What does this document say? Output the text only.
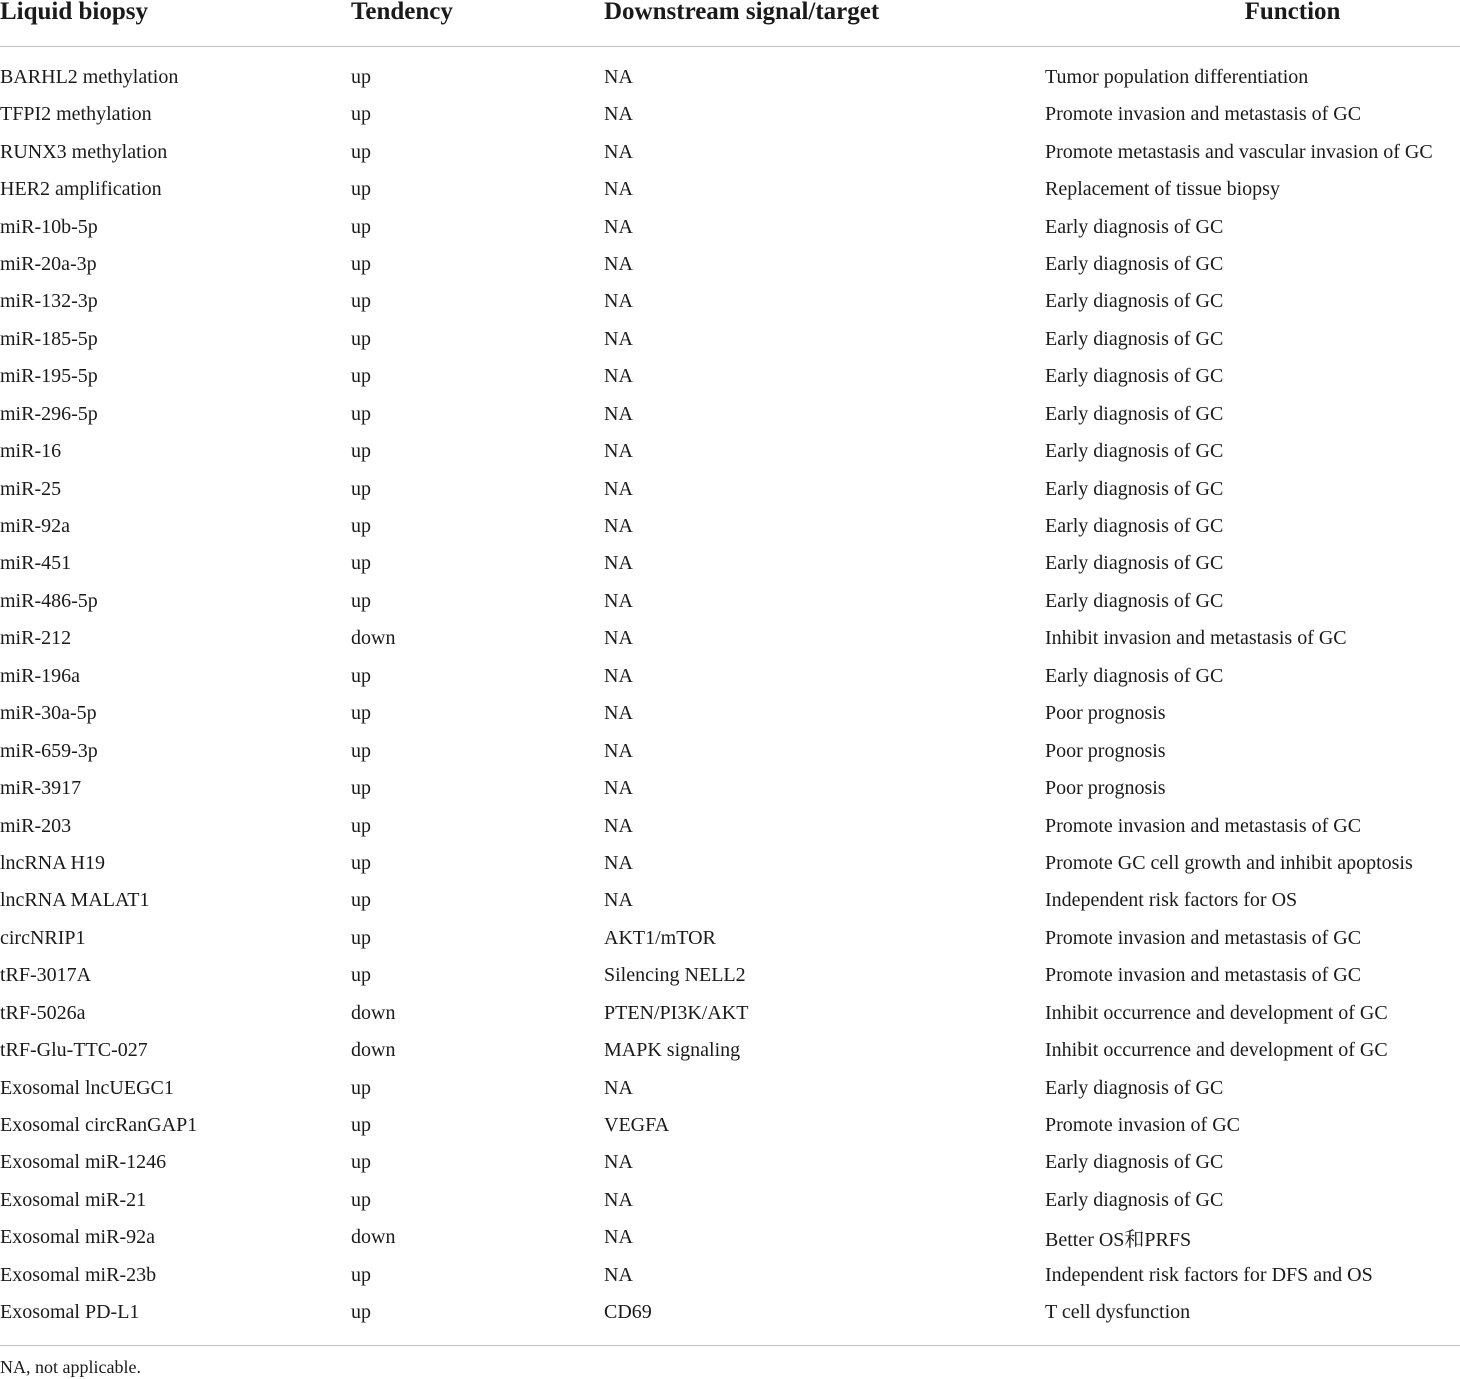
Liquid biopsy	Tendency	Downstream signal/target	Function
BARHL2 methylation	up	NA	Tumor population differentiation
TFPI2 methylation	up	NA	Promote invasion and metastasis of GC
RUNX3 methylation	up	NA	Promote metastasis and vascular invasion of GC
HER2 amplification	up	NA	Replacement of tissue biopsy
miR-10b-5p	up	NA	Early diagnosis of GC
miR-20a-3p	up	NA	Early diagnosis of GC
miR-132-3p	up	NA	Early diagnosis of GC
miR-185-5p	up	NA	Early diagnosis of GC
miR-195-5p	up	NA	Early diagnosis of GC
miR-296-5p	up	NA	Early diagnosis of GC
miR-16	up	NA	Early diagnosis of GC
miR-25	up	NA	Early diagnosis of GC
miR-92a	up	NA	Early diagnosis of GC
miR-451	up	NA	Early diagnosis of GC
miR-486-5p	up	NA	Early diagnosis of GC
miR-212	down	NA	Inhibit invasion and metastasis of GC
miR-196a	up	NA	Early diagnosis of GC
miR-30a-5p	up	NA	Poor prognosis
miR-659-3p	up	NA	Poor prognosis
miR-3917	up	NA	Poor prognosis
miR-203	up	NA	Promote invasion and metastasis of GC
lncRNA H19	up	NA	Promote GC cell growth and inhibit apoptosis
lncRNA MALAT1	up	NA	Independent risk factors for OS
circNRIP1	up	AKT1/mTOR	Promote invasion and metastasis of GC
tRF-3017A	up	Silencing NELL2	Promote invasion and metastasis of GC
tRF-5026a	down	PTEN/PI3K/AKT	Inhibit occurrence and development of GC
tRF-Glu-TTC-027	down	MAPK signaling	Inhibit occurrence and development of GC
Exosomal lncUEGC1	up	NA	Early diagnosis of GC
Exosomal circRanGAP1	up	VEGFA	Promote invasion of GC
Exosomal miR-1246	up	NA	Early diagnosis of GC
Exosomal miR-21	up	NA	Early diagnosis of GC
Exosomal miR-92a	down	NA	Better OS和PRFS
Exosomal miR-23b	up	NA	Independent risk factors for DFS and OS
Exosomal PD-L1	up	CD69	T cell dysfunction
NA, not applicable.
